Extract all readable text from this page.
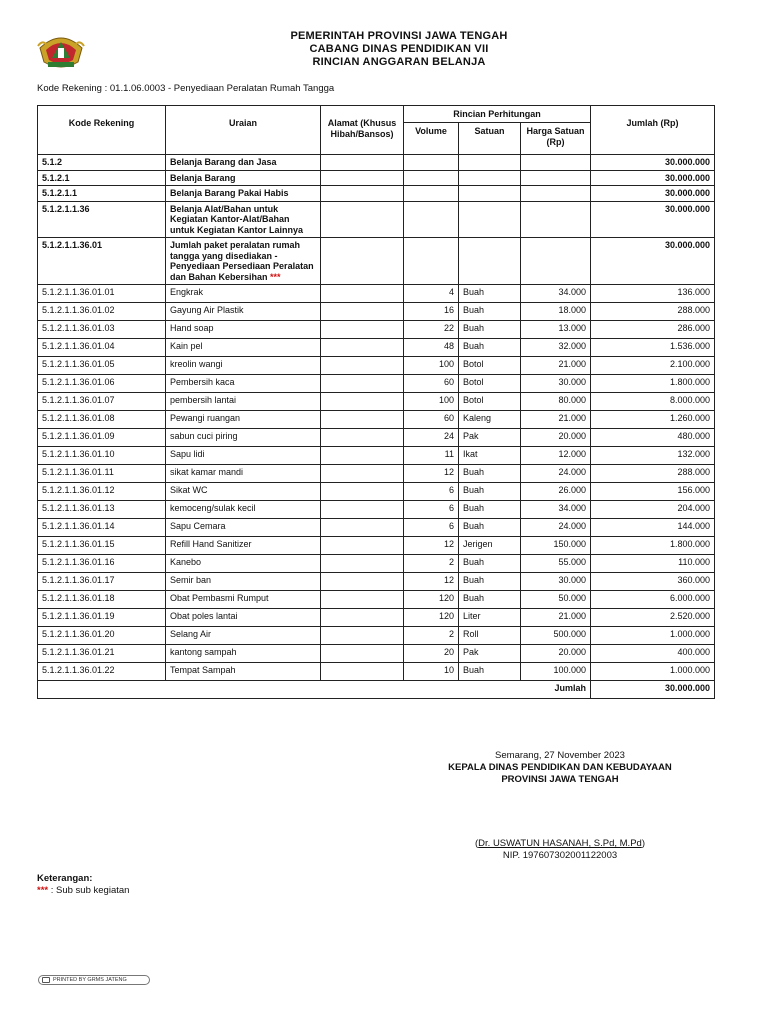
PEMERINTAH PROVINSI JAWA TENGAH
CABANG DINAS PENDIDIKAN VII
RINCIAN ANGGARAN BELANJA
Kode Rekening : 01.1.06.0003 - Penyediaan Peralatan Rumah Tangga
Kode Rekening	Uraian	Alamat (Khusus Hibah/Bansos)	Rincian Perhitungan			Jumlah (Rp)
			Volume	Satuan	Harga Satuan (Rp)	
5.1.2	Belanja Barang dan Jasa					30.000.000
5.1.2.1	Belanja Barang					30.000.000
5.1.2.1.1	Belanja Barang Pakai Habis					30.000.000
5.1.2.1.1.36	Belanja Alat/Bahan untuk Kegiatan Kantor-Alat/Bahan untuk Kegiatan Kantor Lainnya					30.000.000
5.1.2.1.1.36.01	Jumlah paket peralatan rumah tangga yang disediakan - Penyediaan Persediaan Peralatan dan Bahan Kebersihan ***					30.000.000
5.1.2.1.1.36.01.01	Engkrak		4	Buah	34.000	136.000
5.1.2.1.1.36.01.02	Gayung Air Plastik		16	Buah	18.000	288.000
5.1.2.1.1.36.01.03	Hand soap		22	Buah	13.000	286.000
5.1.2.1.1.36.01.04	Kain pel		48	Buah	32.000	1.536.000
5.1.2.1.1.36.01.05	kreolin wangi		100	Botol	21.000	2.100.000
5.1.2.1.1.36.01.06	Pembersih kaca		60	Botol	30.000	1.800.000
5.1.2.1.1.36.01.07	pembersih lantai		100	Botol	80.000	8.000.000
5.1.2.1.1.36.01.08	Pewangi ruangan		60	Kaleng	21.000	1.260.000
5.1.2.1.1.36.01.09	sabun cuci piring		24	Pak	20.000	480.000
5.1.2.1.1.36.01.10	Sapu lidi		11	Ikat	12.000	132.000
5.1.2.1.1.36.01.11	sikat kamar mandi		12	Buah	24.000	288.000
5.1.2.1.1.36.01.12	Sikat WC		6	Buah	26.000	156.000
5.1.2.1.1.36.01.13	kemoceng/sulak kecil		6	Buah	34.000	204.000
5.1.2.1.1.36.01.14	Sapu Cemara		6	Buah	24.000	144.000
5.1.2.1.1.36.01.15	Refill Hand Sanitizer		12	Jerigen	150.000	1.800.000
5.1.2.1.1.36.01.16	Kanebo		2	Buah	55.000	110.000
5.1.2.1.1.36.01.17	Semir ban		12	Buah	30.000	360.000
5.1.2.1.1.36.01.18	Obat Pembasmi Rumput		120	Buah	50.000	6.000.000
5.1.2.1.1.36.01.19	Obat poles lantai		120	Liter	21.000	2.520.000
5.1.2.1.1.36.01.20	Selang Air		2	Roll	500.000	1.000.000
5.1.2.1.1.36.01.21	kantong sampah		20	Pak	20.000	400.000
5.1.2.1.1.36.01.22	Tempat Sampah		10	Buah	100.000	1.000.000
Jumlah						30.000.000
Semarang, 27 November 2023
KEPALA DINAS PENDIDIKAN DAN KEBUDAYAAN
PROVINSI JAWA TENGAH
(Dr. USWATUN HASANAH, S.Pd, M.Pd)
NIP. 197607302001122003
Keterangan:
*** : Sub sub kegiatan
PRINTED BY GRMS JATENG
